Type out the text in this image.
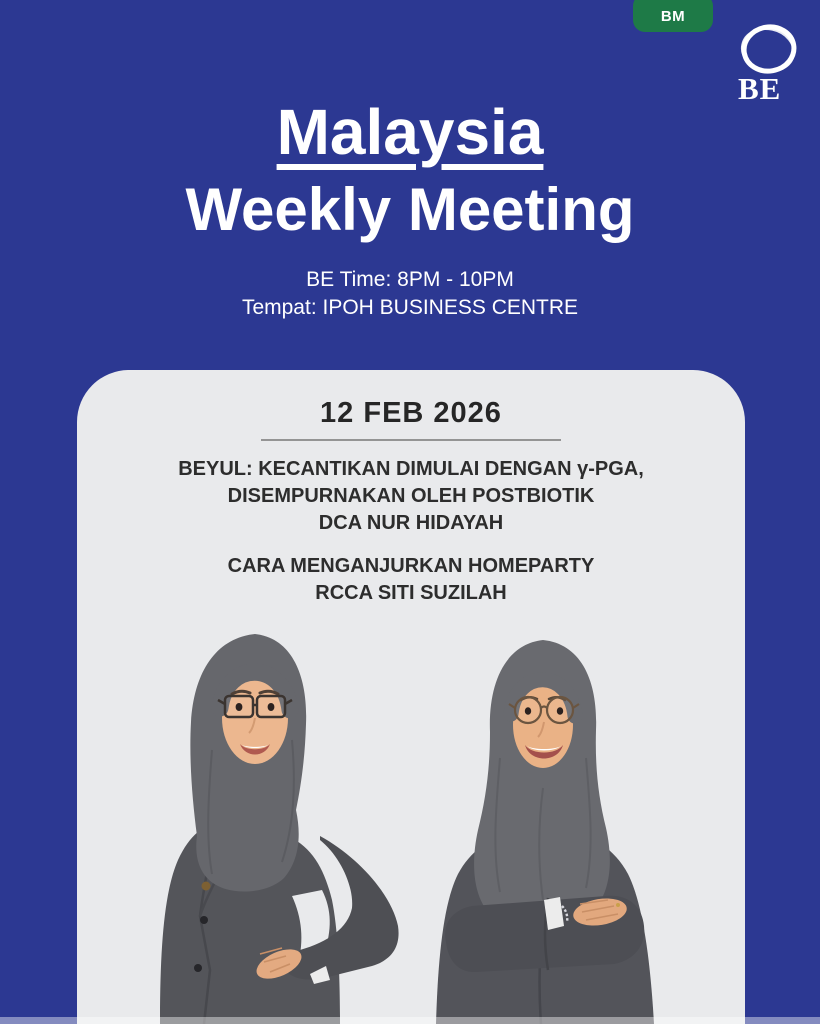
BM
BE
Malaysia
Weekly Meeting
BE Time: 8PM - 10PM
Tempat: IPOH BUSINESS CENTRE
12 FEB 2026
BEYUL: KECANTIKAN DIMULAI DENGAN γ-PGA,
DISEMPURNAKAN OLEH POSTBIOTIK
DCA NUR HIDAYAH
CARA MENGANJURKAN HOMEPARTY
RCCA SITI SUZILAH
